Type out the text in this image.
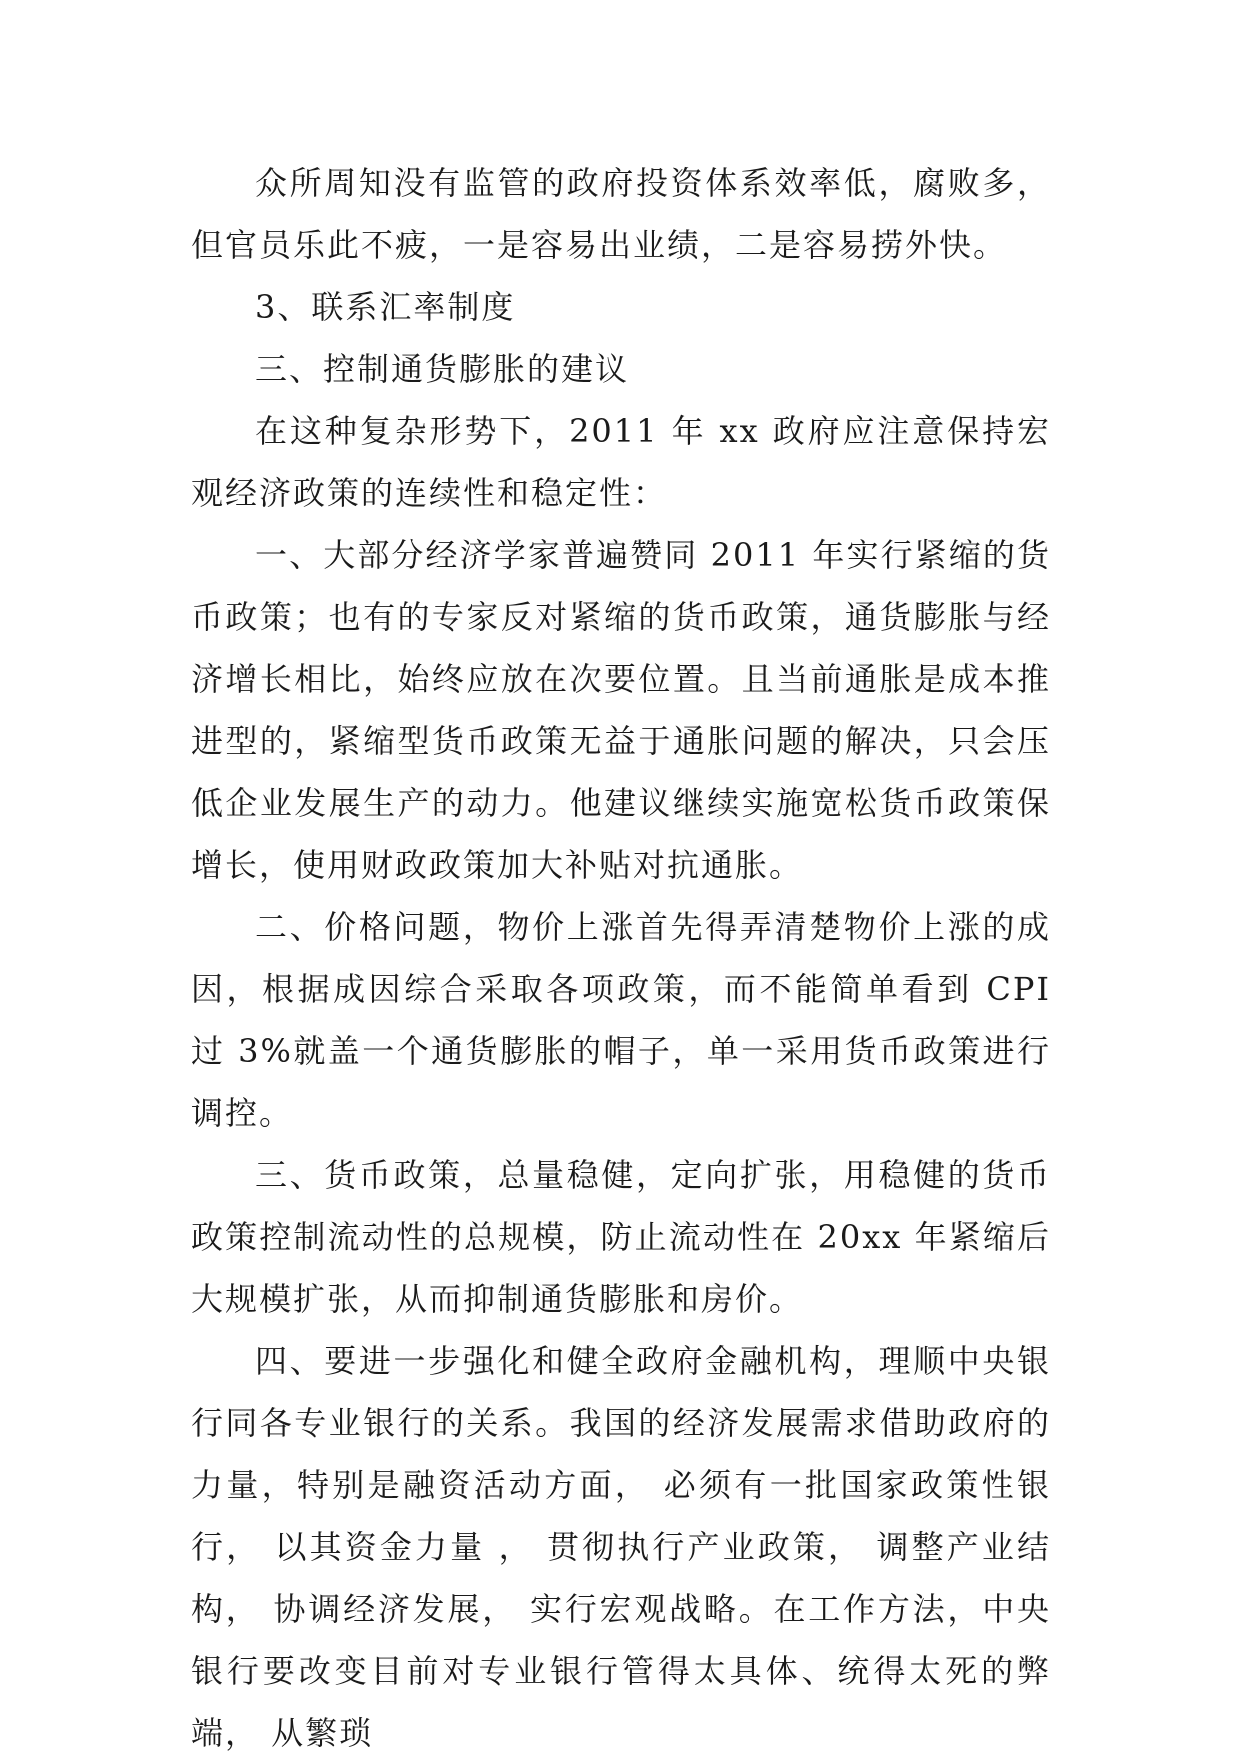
众所周知没有监管的政府投资体系效率低，腐败多，但官员乐此不疲，一是容易出业绩，二是容易捞外快。

3、联系汇率制度

三、控制通货膨胀的建议

在这种复杂形势下，2011 年 xx 政府应注意保持宏观经济政策的连续性和稳定性：

一、大部分经济学家普遍赞同 2011 年实行紧缩的货币政策；也有的专家反对紧缩的货币政策，通货膨胀与经济增长相比，始终应放在次要位置。且当前通胀是成本推进型的，紧缩型货币政策无益于通胀问题的解决，只会压低企业发展生产的动力。他建议继续实施宽松货币政策保增长，使用财政政策加大补贴对抗通胀。

二、价格问题，物价上涨首先得弄清楚物价上涨的成因，根据成因综合采取各项政策，而不能简单看到 CPI 过 3%就盖一个通货膨胀的帽子，单一采用货币政策进行调控。

三、货币政策，总量稳健，定向扩张，用稳健的货币政策控制流动性的总规模，防止流动性在 20xx 年紧缩后大规模扩张，从而抑制通货膨胀和房价。

四、要进一步强化和健全政府金融机构，理顺中央银行同各专业银行的关系。我国的经济发展需求借助政府的力量，特别是融资活动方面， 必须有一批国家政策性银行， 以其资金力量 ， 贯彻执行产业政策， 调整产业结构， 协调经济发展， 实行宏观战略。在工作方法，中央银行要改变目前对专业银行管得太具体、统得太死的弊端， 从繁琐
